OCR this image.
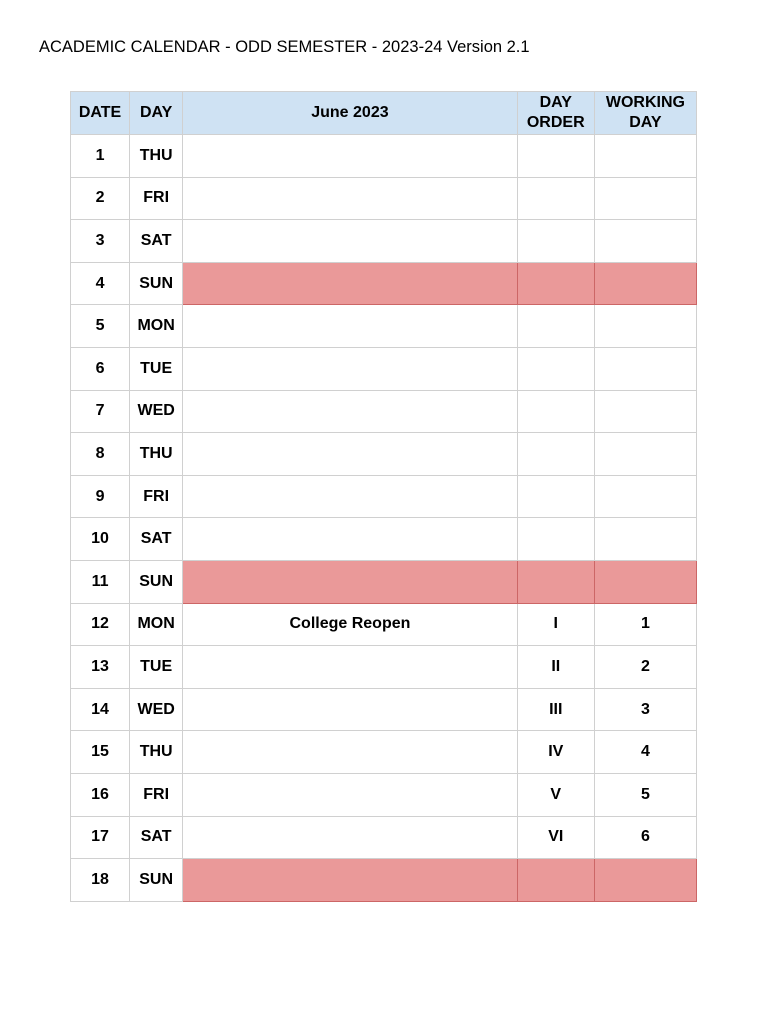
ACADEMIC CALENDAR - ODD SEMESTER - 2023-24 Version 2.1
DATE	DAY	June 2023	DAY ORDER	WORKING DAY
1	THU			
2	FRI			
3	SAT			
4	SUN			
5	MON			
6	TUE			
7	WED			
8	THU			
9	FRI			
10	SAT			
11	SUN			
12	MON	College Reopen	I	1
13	TUE		II	2
14	WED		III	3
15	THU		IV	4
16	FRI		V	5
17	SAT		VI	6
18	SUN			
